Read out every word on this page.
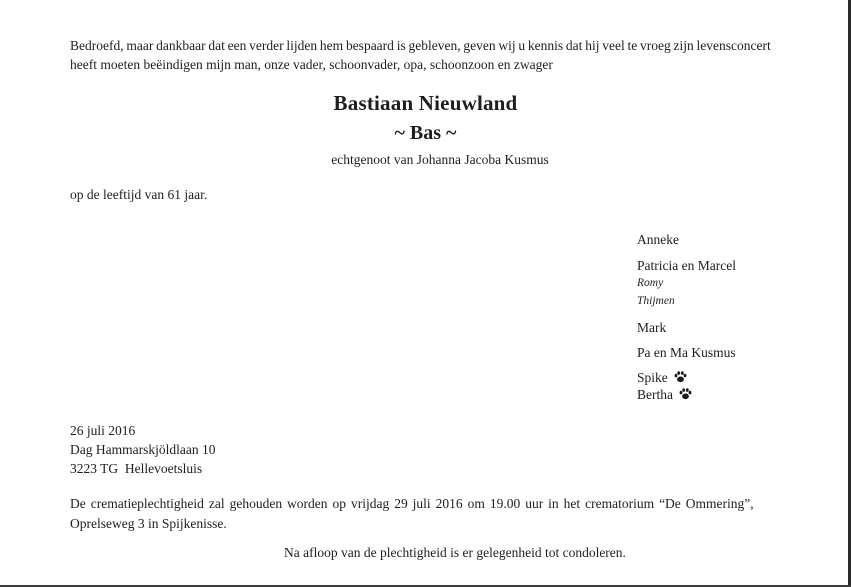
Bedroefd, maar dankbaar dat een verder lijden hem bespaard is gebleven, geven wij u kennis dat hij veel te vroeg zijn levensconcert
heeft moeten beëindigen mijn man, onze vader, schoonvader, opa, schoonzoon en zwager
Bastiaan Nieuwland
~ Bas ~
echtgenoot van Johanna Jacoba Kusmus
op de leeftijd van 61 jaar.
Anneke
Patricia en Marcel
Romy
Thijmen
Mark
Pa en Ma Kusmus
Spike
Bertha
26 juli 2016
Dag Hammarskjöldlaan 10
3223 TG  Hellevoetsluis
De crematieplechtigheid zal gehouden worden op vrijdag 29 juli 2016 om 19.00 uur in het crematorium “De Ommering”,
Oprelseweg 3 in Spijkenisse.
Na afloop van de plechtigheid is er gelegenheid tot condoleren.
